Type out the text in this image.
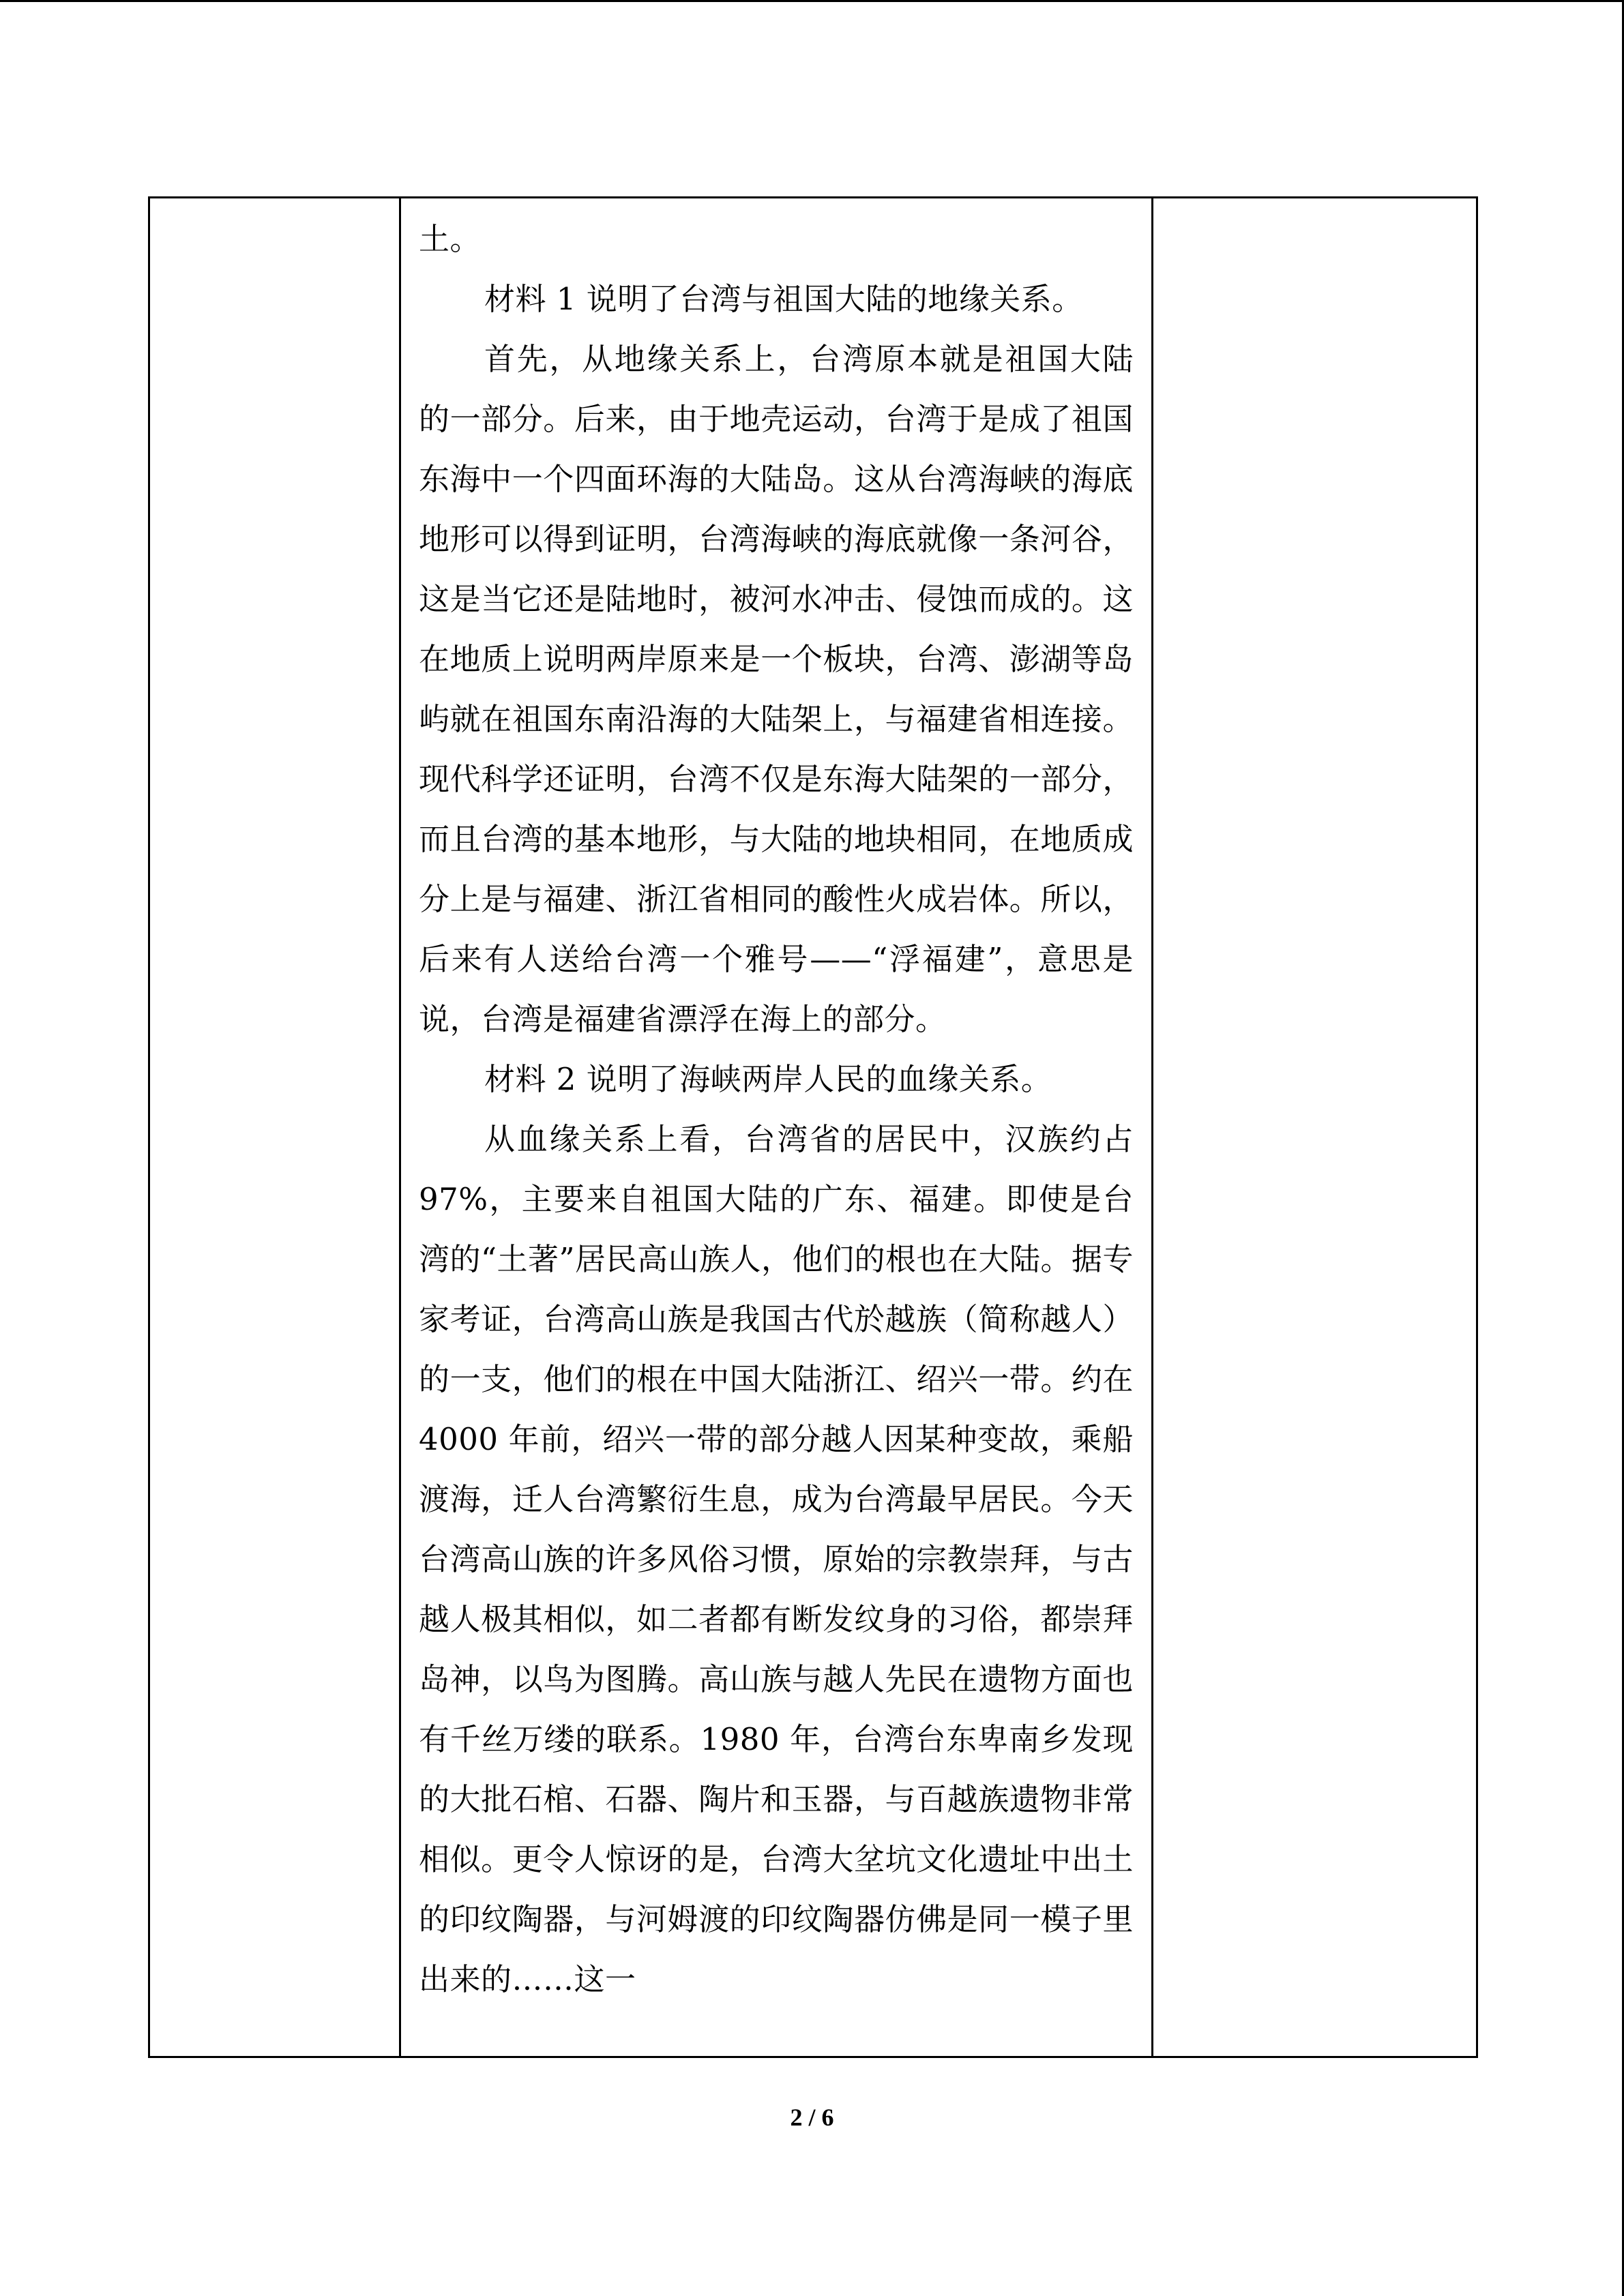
土。

材料 1 说明了台湾与祖国大陆的地缘关系。

首先，从地缘关系上，台湾原本就是祖国大陆的一部分。后来，由于地壳运动，台湾于是成了祖国东海中一个四面环海的大陆岛。这从台湾海峡的海底地形可以得到证明，台湾海峡的海底就像一条河谷，这是当它还是陆地时，被河水冲击、侵蚀而成的。这在地质上说明两岸原来是一个板块，台湾、澎湖等岛屿就在祖国东南沿海的大陆架上，与福建省相连接。现代科学还证明，台湾不仅是东海大陆架的一部分，而且台湾的基本地形，与大陆的地块相同，在地质成分上是与福建、浙江省相同的酸性火成岩体。所以，后来有人送给台湾一个雅号——“浮福建”，意思是说，台湾是福建省漂浮在海上的部分。

材料 2 说明了海峡两岸人民的血缘关系。

从血缘关系上看，台湾省的居民中，汉族约占 97%，主要来自祖国大陆的广东、福建。即使是台湾的“土著”居民高山族人，他们的根也在大陆。据专家考证，台湾高山族是我国古代於越族（简称越人）的一支，他们的根在中国大陆浙江、绍兴一带。约在 4000 年前，绍兴一带的部分越人因某种变故，乘船渡海，迁人台湾繁衍生息，成为台湾最早居民。今天台湾高山族的许多风俗习惯，原始的宗教崇拜，与古越人极其相似，如二者都有断发纹身的习俗，都崇拜岛神，以鸟为图腾。高山族与越人先民在遗物方面也有千丝万缕的联系。1980 年，台湾台东卑南乡发现的大批石棺、石器、陶片和玉器，与百越族遗物非常相似。更令人惊讶的是，台湾大坌坑文化遗址中出土的印纹陶器，与河姆渡的印纹陶器仿佛是同一模子里出来的……这一

2 / 6
